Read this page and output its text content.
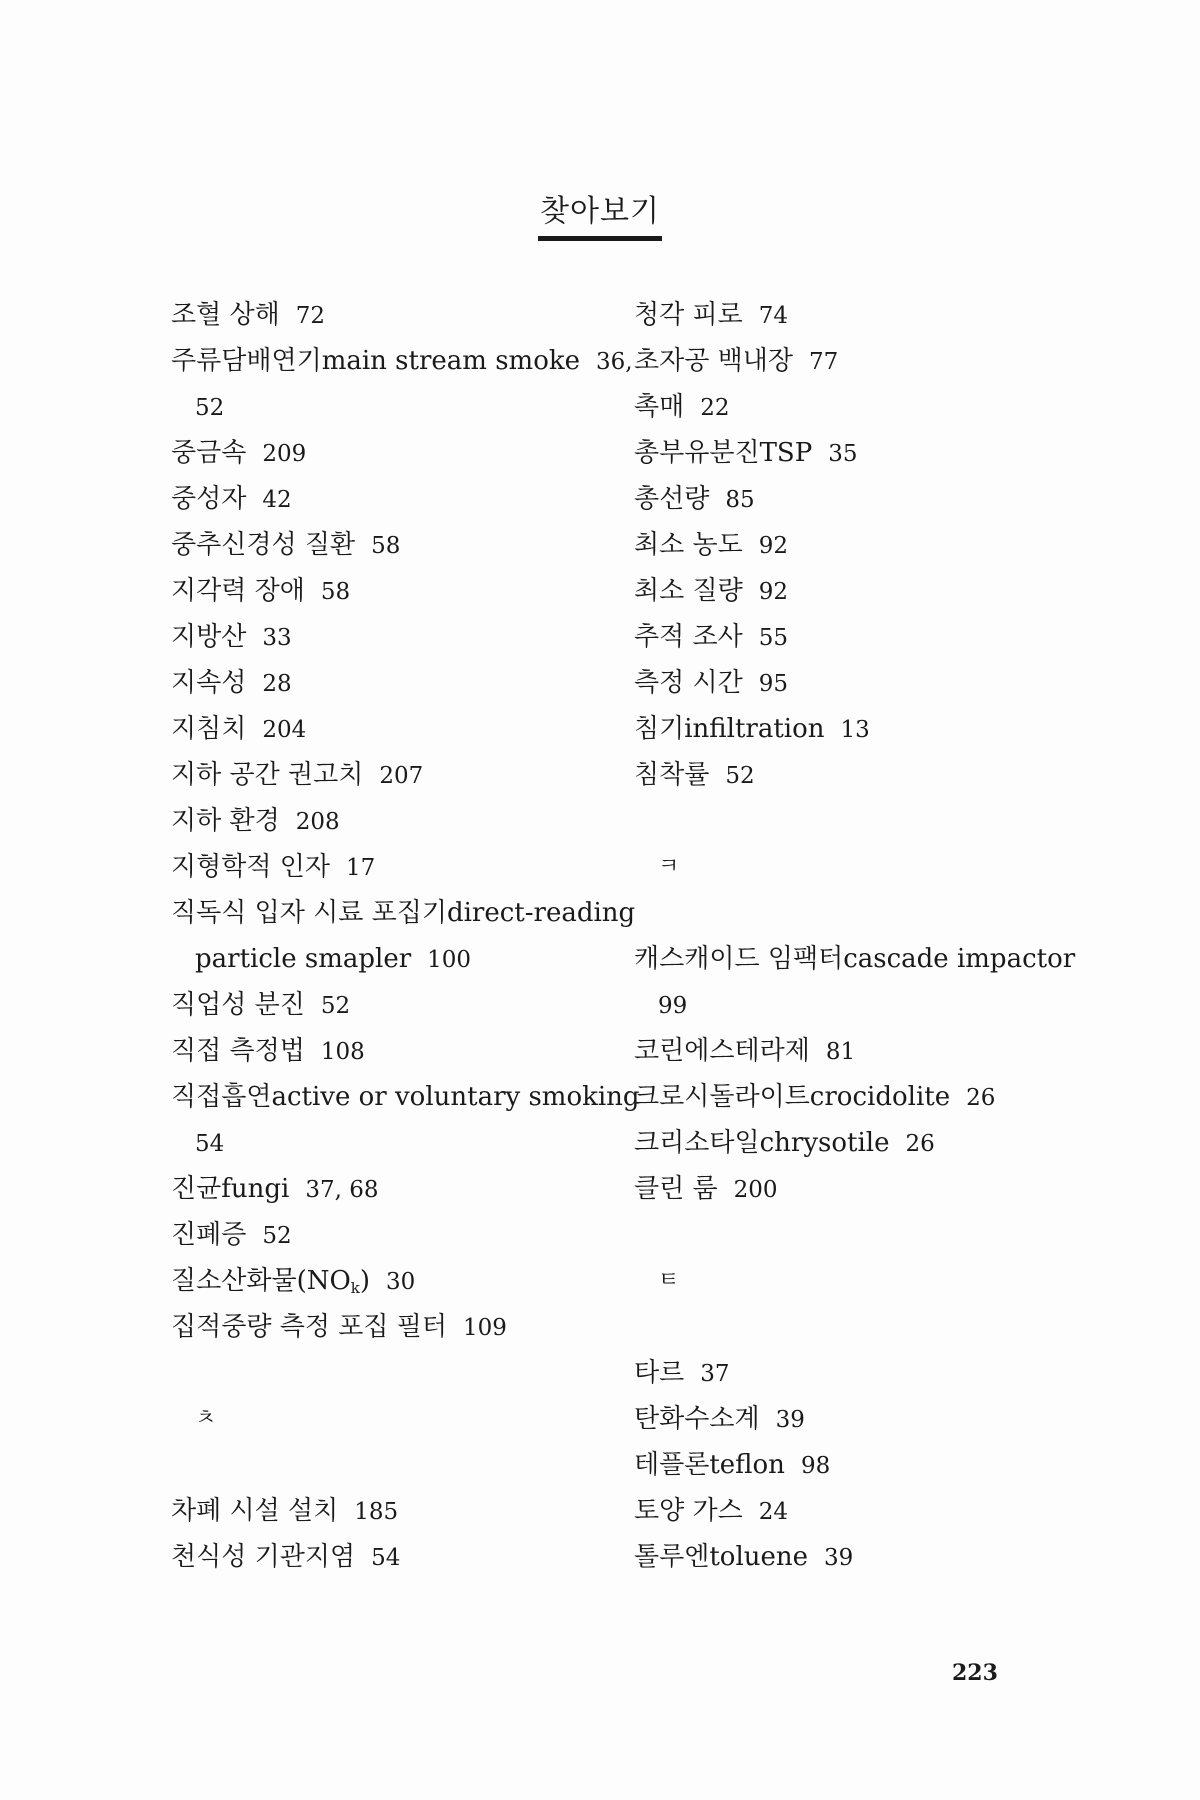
찾아보기
조혈 상해 72
주류담배연기main stream smoke 36,
52
중금속 209
중성자 42
중추신경성 질환 58
지각력 장애 58
지방산 33
지속성 28
지침치 204
지하 공간 권고치 207
지하 환경 208
지형학적 인자 17
직독식 입자 시료 포집기direct-reading
particle smapler 100
직업성 분진 52
직접 측정법 108
직접흡연active or voluntary smoking
54
진균fungi 37, 68
진폐증 52
질소산화물$(NO_k)$ 30
집적중량 측정 포집 필터 109
ㅊ
차폐 시설 설치 185
천식성 기관지염 54
청각 피로 74
초자공 백내장 77
촉매 22
총부유분진TSP 35
총선량 85
최소 농도 92
최소 질량 92
추적 조사 55
측정 시간 95
침기infiltration 13
침착률 52
ㅋ
캐스캐이드 임팩터cascade impactor
99
코린에스테라제 81
크로시돌라이트crocidolite 26
크리소타일chrysotile 26
클린 룸 200
ㅌ
타르 37
탄화수소계 39
테플론teflon 98
토양 가스 24
톨루엔toluene 39
223
